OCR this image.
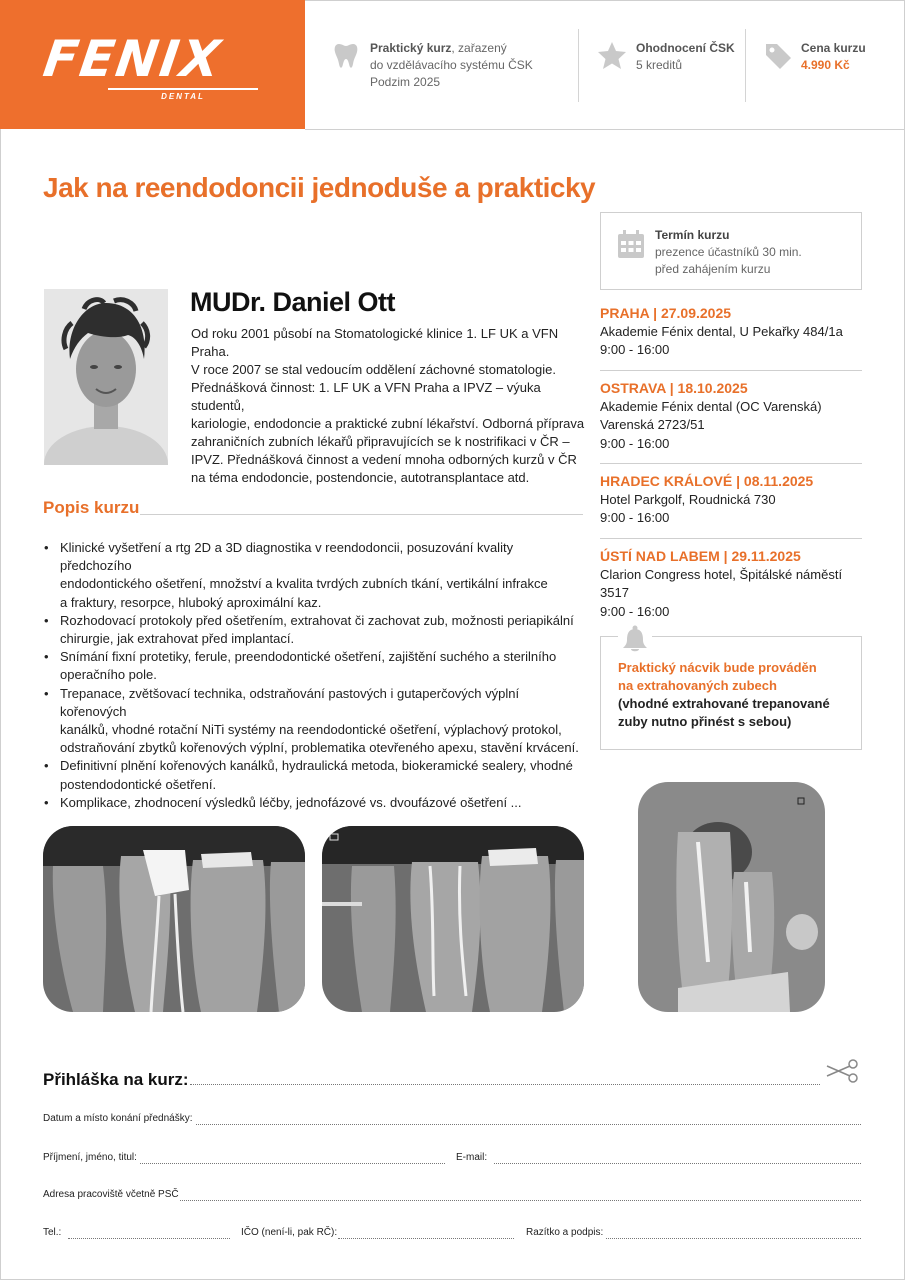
FENIX
DENTAL
Praktický kurz, zařazený
do vzdělávacího systému ČSK
Podzim 2025
Ohodnocení ČSK
5 kreditů
Cena kurzu
4.990 Kč
Jak na reendodoncii jednoduše a prakticky
MUDr. Daniel Ott

Od roku 2001 působí na Stomatologické klinice 1. LF UK a VFN Praha.

V roce 2007 se stal vedoucím oddělení záchovné stomatologie.

Přednášková činnost: 1. LF UK a VFN Praha a IPVZ – výuka studentů,

kariologie, endodoncie a praktické zubní lékařství. Odborná příprava

zahraničních zubních lékařů připravujících se k nostrifikaci v ČR –

IPVZ. Přednášková činnost a vedení mnoha odborných kurzů v ČR

na téma endodoncie, postendoncie, autotransplantace atd.

Popis kurzu
• Klinické vyšetření a rtg 2D a 3D diagnostika v reendodoncii, posuzování kvality předchozího
endodontického ošetření, množství a kvalita tvrdých zubních tkání, vertikální infrakce
a fraktury, resorpce, hluboký aproximální kaz.
• Rozhodovací protokoly před ošetřením, extrahovat či zachovat zub, možnosti periapikální
chirurgie, jak extrahovat před implantací.
• Snímání fixní protetiky, ferule, preendodontické ošetření, zajištění suchého a sterilního
operačního pole.
• Trepanace, zvětšovací technika, odstraňování pastových i gutaperčových výplní kořenových
kanálků, vhodné rotační NiTi systémy na reendodontické ošetření, výplachový protokol,
odstraňování zbytků kořenových výplní, problematika otevřeného apexu, stavění krvácení.
• Definitivní plnění kořenových kanálků, hydraulická metoda, biokeramické sealery, vhodné
postendodontické ošetření.
• Komplikace, zhodnocení výsledků léčby, jednofázové vs. dvoufázové ošetření ...
Termín kurzu
prezence účastníků 30 min.
před zahájením kurzu
PRAHA | 27.09.2025
Akademie Fénix dental, U Pekařky 484/1a
9:00 - 16:00
OSTRAVA | 18.10.2025
Akademie Fénix dental (OC Varenská)
Varenská 2723/51
9:00 - 16:00
HRADEC KRÁLOVÉ | 08.11.2025
Hotel Parkgolf, Roudnická 730
9:00 - 16:00
ÚSTÍ NAD LABEM | 29.11.2025
Clarion Congress hotel, Špitálské náměstí 3517
9:00 - 16:00
Praktický nácvik bude prováděn
na extrahovaných zubech
(vhodné extrahované trepanované
zuby nutno přinést s sebou)
Přihláška na kurz:
Datum a místo konání přednášky:
Příjmení, jméno, titul:	E-mail:
Adresa pracoviště včetně PSČ
Tel.:	IČO (není-li, pak RČ):	Razítko a podpis:
